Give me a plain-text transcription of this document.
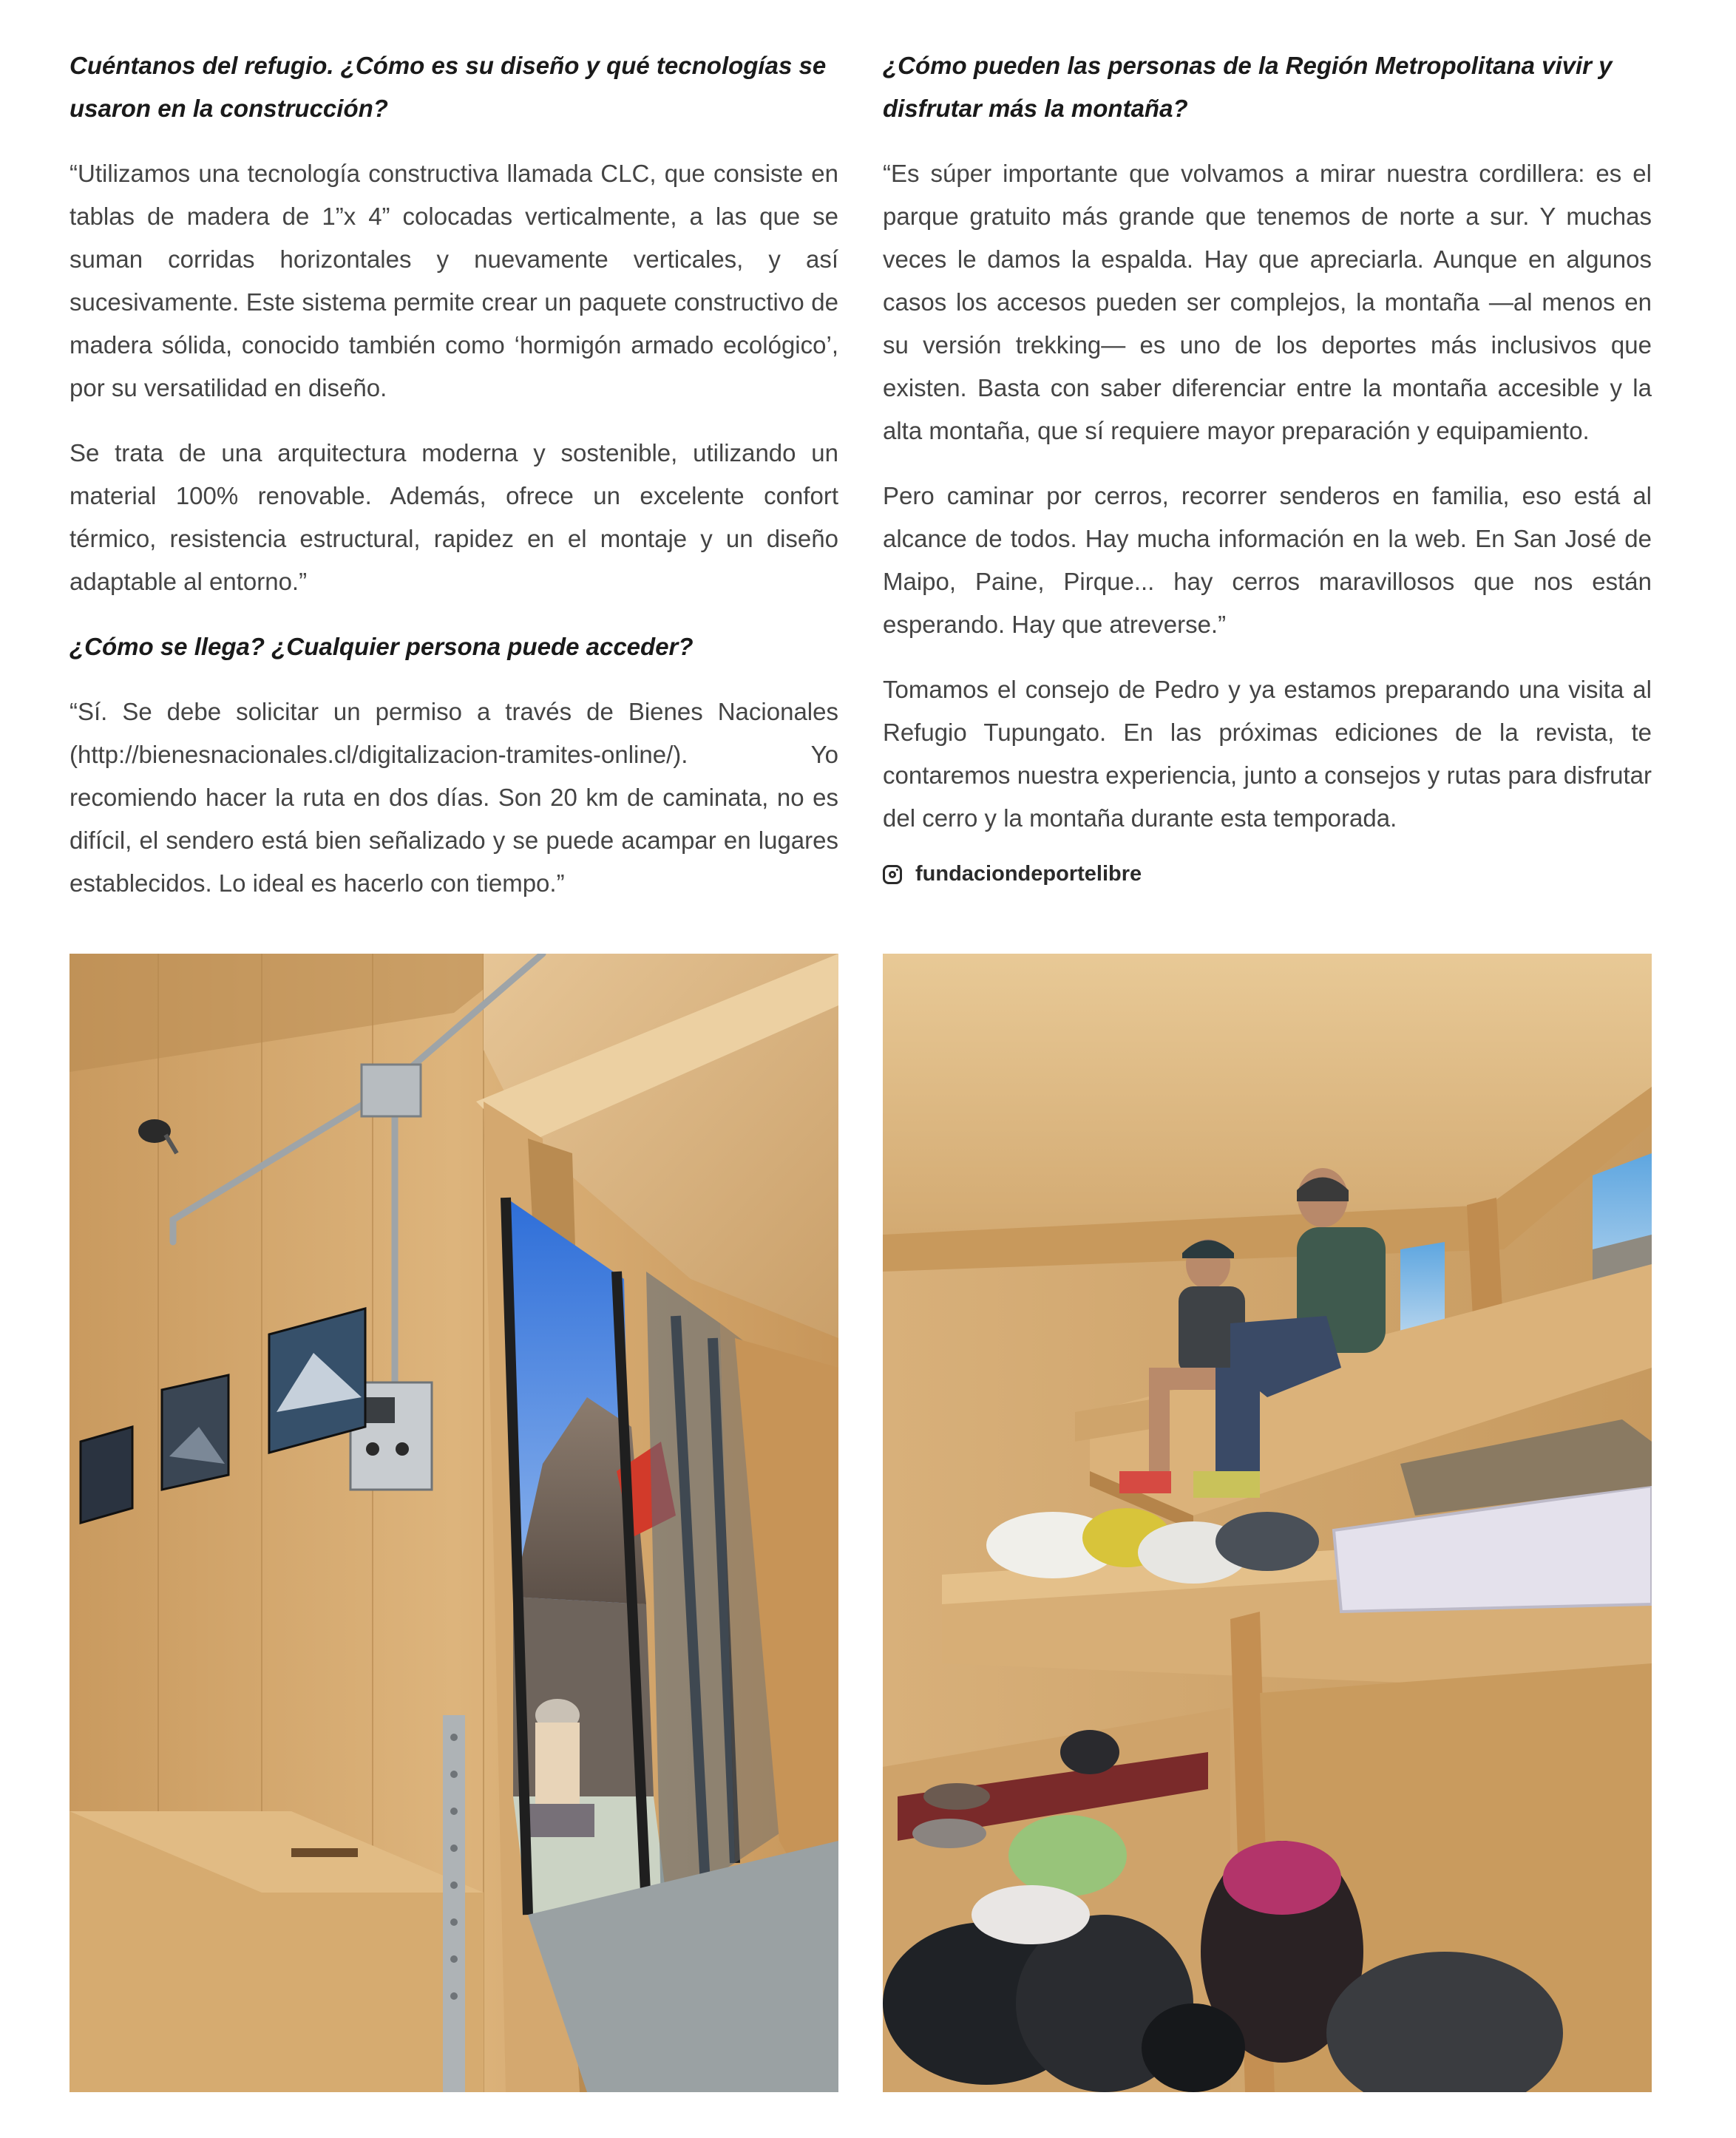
Cuéntanos del refugio. ¿Cómo es su diseño y qué tecnologías se usaron en la construcción?

“Utilizamos una tecnología constructiva llamada CLC, que consiste en tablas de madera de 1”x 4” colocadas verticalmente, a las que se suman corridas horizontales y nuevamente verticales, y así sucesivamente. Este sistema permite crear un paquete constructivo de madera sólida, conocido también como ‘hormigón armado ecológico’, por su versatilidad en diseño.

Se trata de una arquitectura moderna y sostenible, utilizando un material 100% renovable. Además, ofrece un excelente confort térmico, resistencia estructural, rapidez en el montaje y un diseño adaptable al entorno.”

¿Cómo se llega? ¿Cualquier persona puede acceder?

“Sí. Se debe solicitar un permiso a través de Bienes Nacionales (http://bienesnacionales.cl/digitalizacion-tramites-online/). Yo recomiendo hacer la ruta en dos días. Son 20 km de caminata, no es difícil, el sendero está bien señalizado y se puede acampar en lugares establecidos. Lo ideal es hacerlo con tiempo.”

¿Cómo pueden las personas de la Región Metropolitana vivir y disfrutar más la montaña?

“Es súper importante que volvamos a mirar nuestra cordillera: es el parque gratuito más grande que tenemos de norte a sur. Y muchas veces le damos la espalda. Hay que apreciarla. Aunque en algunos casos los accesos pueden ser complejos, la montaña —al menos en su versión trekking— es uno de los deportes más inclusivos que existen. Basta con saber diferenciar entre la montaña accesible y la alta montaña, que sí requiere mayor preparación y equipamiento.

Pero caminar por cerros, recorrer senderos en familia, eso está al alcance de todos. Hay mucha información en la web. En San José de Maipo, Paine, Pirque... hay cerros maravillosos que nos están esperando. Hay que atreverse.”

Tomamos el consejo de Pedro y ya estamos preparando una visita al Refugio Tupungato. En las próximas ediciones de la revista, te contaremos nuestra experiencia, junto a consejos y rutas para disfrutar del cerro y la montaña durante esta temporada.

fundaciondeportelibre
